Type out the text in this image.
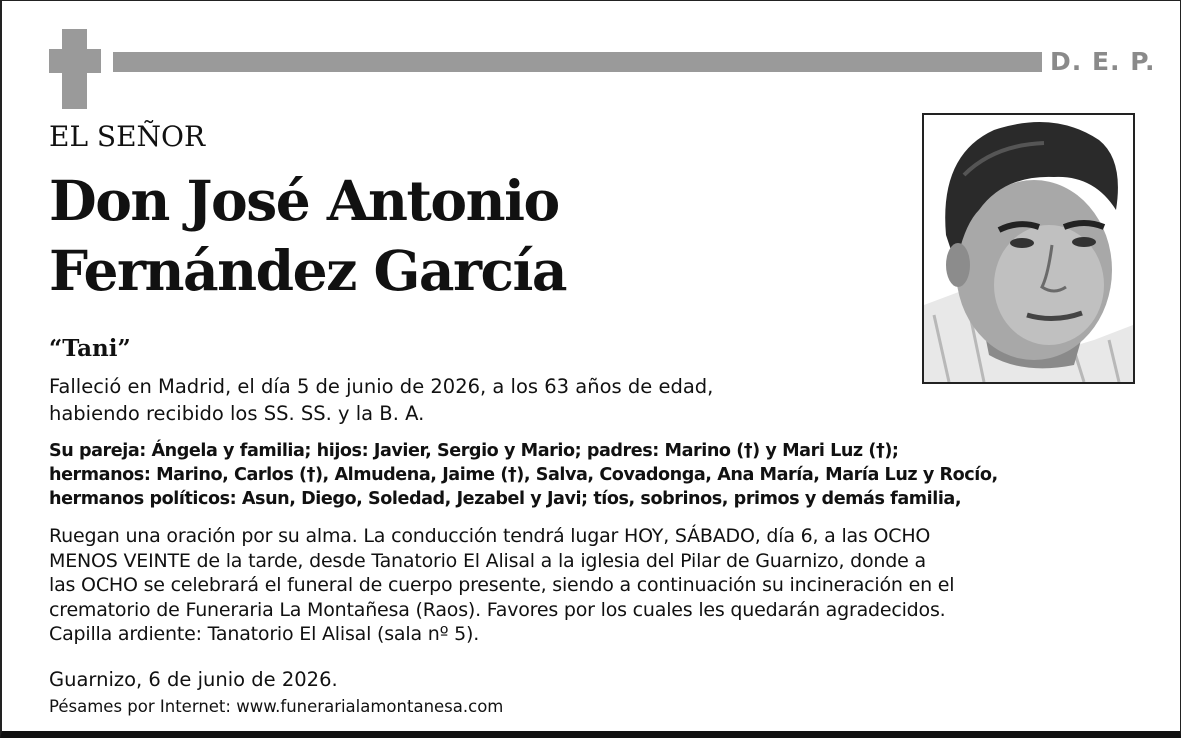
D. E. P.
EL SEÑOR
Don José Antonio
Fernández García
“Tani”

Falleció en Madrid, el día 5 de junio de 2026, a los 63 años de edad,
habiendo recibido los SS. SS. y la B. A.

Su pareja: Ángela y familia; hijos: Javier, Sergio y Mario; padres: Marino (†) y Mari Luz (†);
hermanos: Marino, Carlos (†), Almudena, Jaime (†), Salva, Covadonga, Ana María, María Luz y Rocío,
hermanos políticos: Asun, Diego, Soledad, Jezabel y Javi; tíos, sobrinos, primos y demás familia,

Ruegan una oración por su alma. La conducción tendrá lugar HOY, SÁBADO, día 6, a las OCHO
MENOS VEINTE de la tarde, desde Tanatorio El Alisal a la iglesia del Pilar de Guarnizo, donde a
las OCHO se celebrará el funeral de cuerpo presente, siendo a continuación su incineración en el
crematorio de Funeraria La Montañesa (Raos). Favores por los cuales les quedarán agradecidos.
Capilla ardiente: Tanatorio El Alisal (sala nº 5).

Guarnizo, 6 de junio de 2026.
Pésames por Internet: www.funerarialamontanesa.com
